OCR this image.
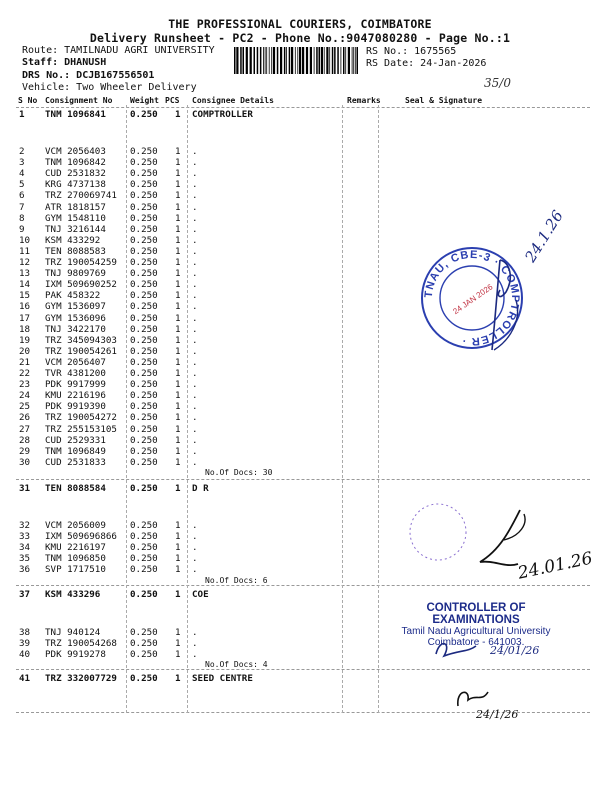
THE PROFESSIONAL COURIERS, COIMBATORE
Delivery Runsheet - PC2 - Phone No.:9047080280 - Page No.:1
Route: TAMILNADU AGRI UNIVERSITY
Staff: DHANUSH
DRS No.: DCJB167556501
Vehicle: Two Wheeler Delivery
RS No.: 1675565
RS Date: 24-Jan-2026
35/0
S No Consignment No Weight PCS Consignee Details	Remarks	Seal & Signature
1 TNM 1096841	0.250 1 COMPTROLLER
2 VCM 2056403	0.250 1 .
3 TNM 1096842	0.250 1 .
4 CUD 2531832	0.250 1 .
5 KRG 4737138	0.250 1 .
6 TRZ 270069741 0.250 1 .
7 ATR 1818157	0.250 1 .
8 GYM 1548110	0.250 1 .
9 TNJ 3216144	0.250 1 .
10 KSM 433292	0.250 1 .
11 TEN 8088583	0.250 1 .
12 TRZ 190054259 0.250 1 .
13 TNJ 9809769	0.250 1 .
14 IXM 509690252 0.250 1 .
15 PAK 458322	0.250 1 .
16 GYM 1536097	0.250 1 .
17 GYM 1536096	0.250 1 .
18 TNJ 3422170	0.250 1 .
19 TRZ 345094303 0.250 1 .
20 TRZ 190054261 0.250 1 .
21 VCM 2056407	0.250 1 .
22 TVR 4381200	0.250 1 .
23 PDK 9917999	0.250 1 .
24 KMU 2216196	0.250 1 .
25 PDK 9919390	0.250 1 .
26 TRZ 190054272 0.250 1 .
27 TRZ 255153105 0.250 1 .
28 CUD 2529331	0.250 1 .
29 TNM 1096849	0.250 1 .
30 CUD 2531833	0.250 1 .
31 TEN 8088584	0.250 1 D R
32 VCM 2056009	0.250 1 .
33 IXM 509696866 0.250 1 .
34 KMU 2216197	0.250 1 .
35 TNM 1096850	0.250 1 .
36 SVP 1717510	0.250 1 .
37 KSM 433296	0.250 1 COE
38 TNJ 940124	0.250 1 .
39 TRZ 190054268 0.250 1 .
40 PDK 9919278	0.250 1 .
41 TRZ 332007729 0.250 1 SEED CENTRE
No.Of Docs: 30
No.Of Docs: 6
No.Of Docs: 4
TNAU, CBE-3 · COMPTROLLER ·
24 JAN 2026
24.1.26
24.01.26
CONTROLLER OF EXAMINATIONS
Tamil Nadu Agricultural University
Coimbatore - 641003.
24/01/26
24/1/26
